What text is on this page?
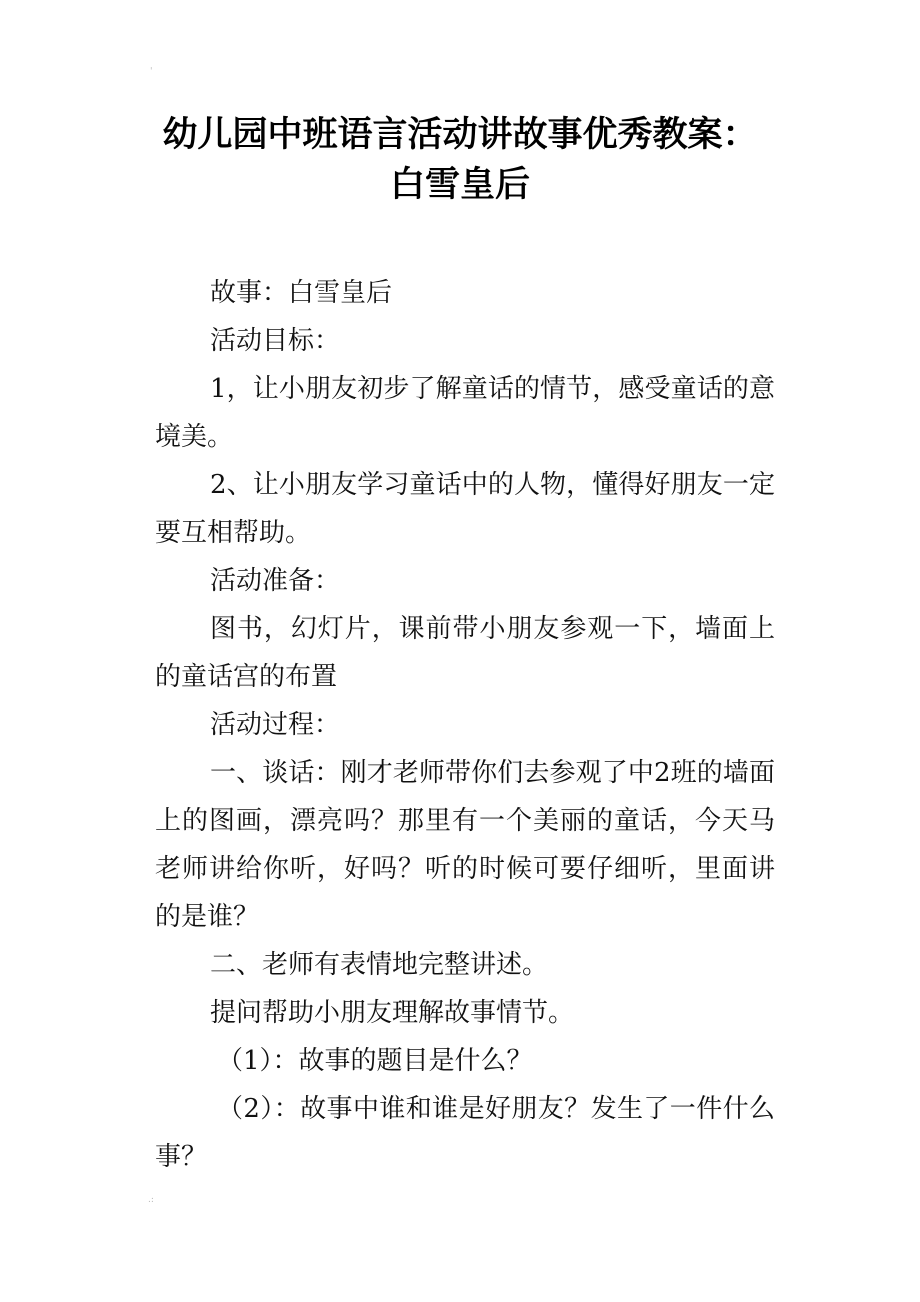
'
幼儿园中班语言活动讲故事优秀教案：
白雪皇后

故事：白雪皇后

活动目标：

1，让小朋友初步了解童话的情节，感受童话的意境美。

2、让小朋友学习童话中的人物，懂得好朋友一定要互相帮助。

活动准备：

图书，幻灯片，课前带小朋友参观一下，墙面上的童话宫的布置

活动过程：

一、谈话：刚才老师带你们去参观了中2班的墙面上的图画，漂亮吗？那里有一个美丽的童话，今天马老师讲给你听，好吗？听的时候可要仔细听，里面讲的是谁？

二、老师有表情地完整讲述。

提问帮助小朋友理解故事情节。

（1）：故事的题目是什么？

（2）：故事中谁和谁是好朋友？发生了一件什么事？

.:
